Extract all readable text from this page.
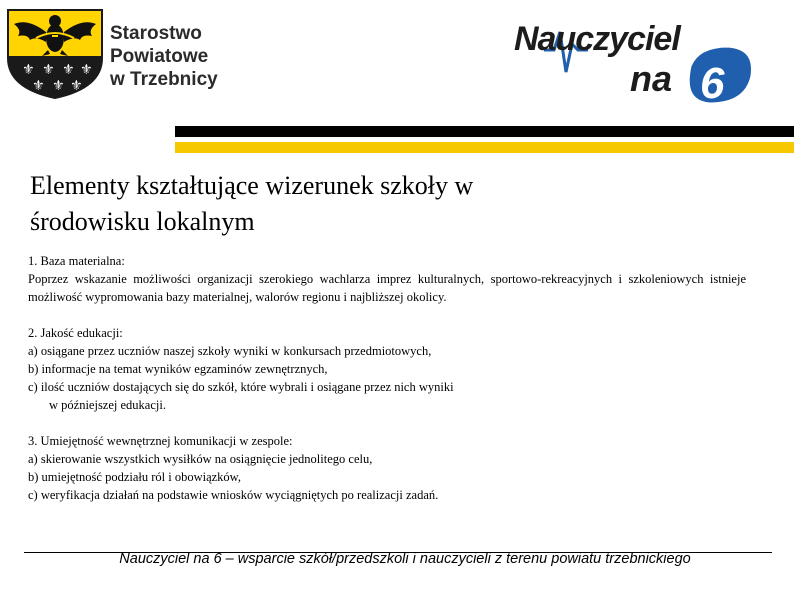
⚜ ⚜ ⚜ ⚜
⚜ ⚜ ⚜
Starostwo
Powiatowe
w Trzebnicy	6
Nauczyciel
na
Elementy kształtujące wizerunek szkoły w
środowisku lokalnym

1. Baza materialna:

Poprzez wskazanie możliwości organizacji szerokiego wachlarza imprez kulturalnych, sportowo-rekreacyjnych i szkoleniowych istnieje możliwość wypromowania bazy materialnej, walorów regionu i najbliższej okolicy.

2. Jakość edukacji:

a) osiągane przez uczniów naszej szkoły wyniki w konkursach przedmiotowych,

b) informacje na temat wyników egzaminów zewnętrznych,

c) ilość uczniów dostających się do szkół, które wybrali i osiągane przez nich wyniki

w późniejszej edukacji.

3. Umiejętność wewnętrznej komunikacji w zespole:

a) skierowanie wszystkich wysiłków na osiągnięcie jednolitego celu,

b) umiejętność podziału ról i obowiązków,

c) weryfikacja działań na podstawie wniosków wyciągniętych po realizacji zadań.

Nauczyciel na 6 – wsparcie szkół/przedszkoli i nauczycieli z terenu powiatu trzebnickiego
